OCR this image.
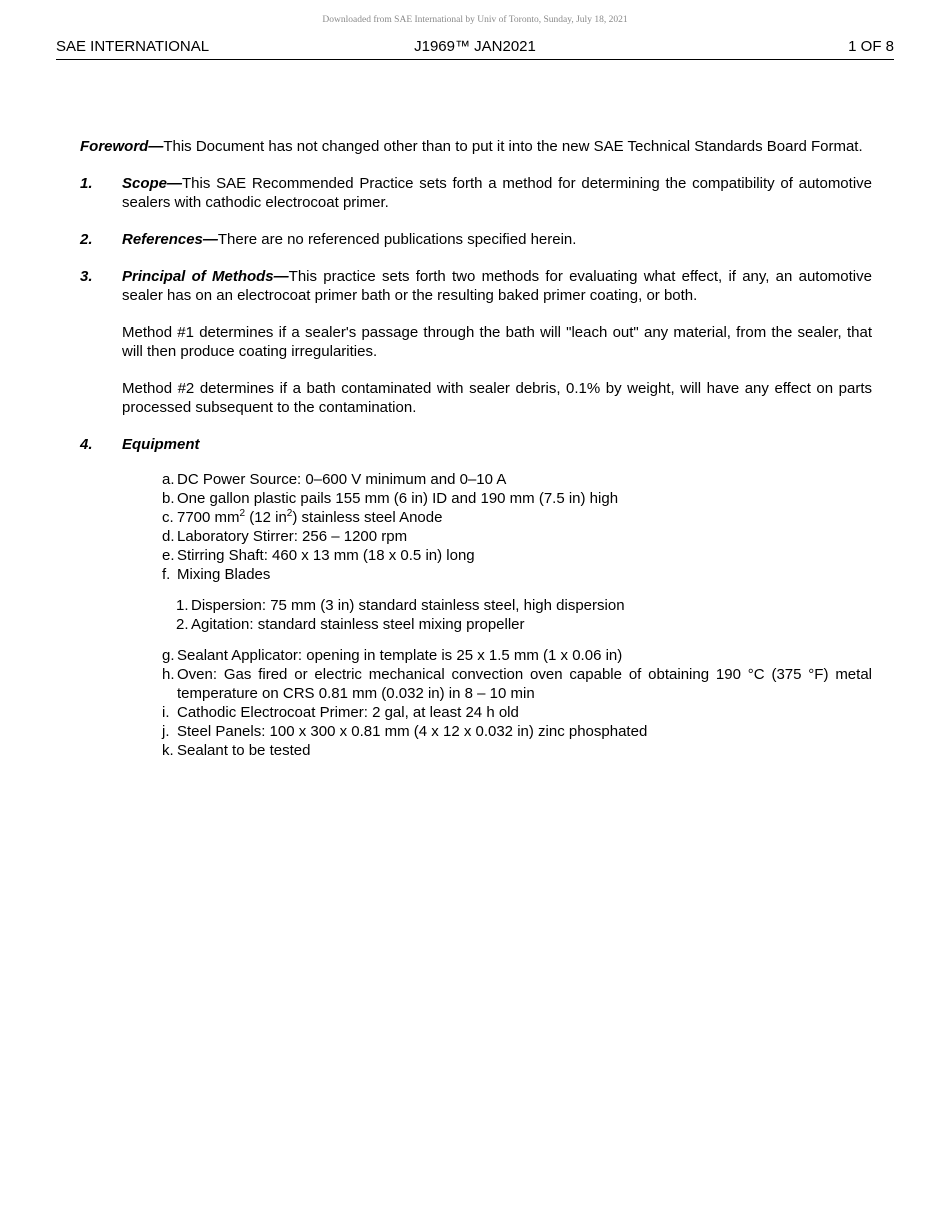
Downloaded from SAE International by Univ of Toronto, Sunday, July 18, 2021
SAE INTERNATIONAL	J1969™ JAN2021	1 OF 8

Foreword—This Document has not changed other than to put it into the new SAE Technical Standards Board Format.

1. Scope—This SAE Recommended Practice sets forth a method for determining the compatibility of automotive sealers with cathodic electrocoat primer.

2. References—There are no referenced publications specified herein.

3. Principal of Methods—This practice sets forth two methods for evaluating what effect, if any, an automotive sealer has on an electrocoat primer bath or the resulting baked primer coating, or both.

Method #1 determines if a sealer's passage through the bath will "leach out" any material, from the sealer, that will then produce coating irregularities.

Method #2 determines if a bath contaminated with sealer debris, 0.1% by weight, will have any effect on parts processed subsequent to the contamination.

4. Equipment

a. DC Power Source: 0–600 V minimum and 0–10 A
b. One gallon plastic pails 155 mm (6 in) ID and 190 mm (7.5 in) high
c. 7700 $mm^2$ (12 $in^2$) stainless steel Anode
d. Laboratory Stirrer: 256 – 1200 rpm
e. Stirring Shaft: 460 x 13 mm (18 x 0.5 in) long
f. Mixing Blades
1. Dispersion: 75 mm (3 in) standard stainless steel, high dispersion
2. Agitation: standard stainless steel mixing propeller
g. Sealant Applicator: opening in template is 25 x 1.5 mm (1 x 0.06 in)
h. Oven: Gas fired or electric mechanical convection oven capable of obtaining 190 °C (375 °F) metal temperature on CRS 0.81 mm (0.032 in) in 8 – 10 min
i. Cathodic Electrocoat Primer: 2 gal, at least 24 h old
j. Steel Panels: 100 x 300 x 0.81 mm (4 x 12 x 0.032 in) zinc phosphated
k. Sealant to be tested
